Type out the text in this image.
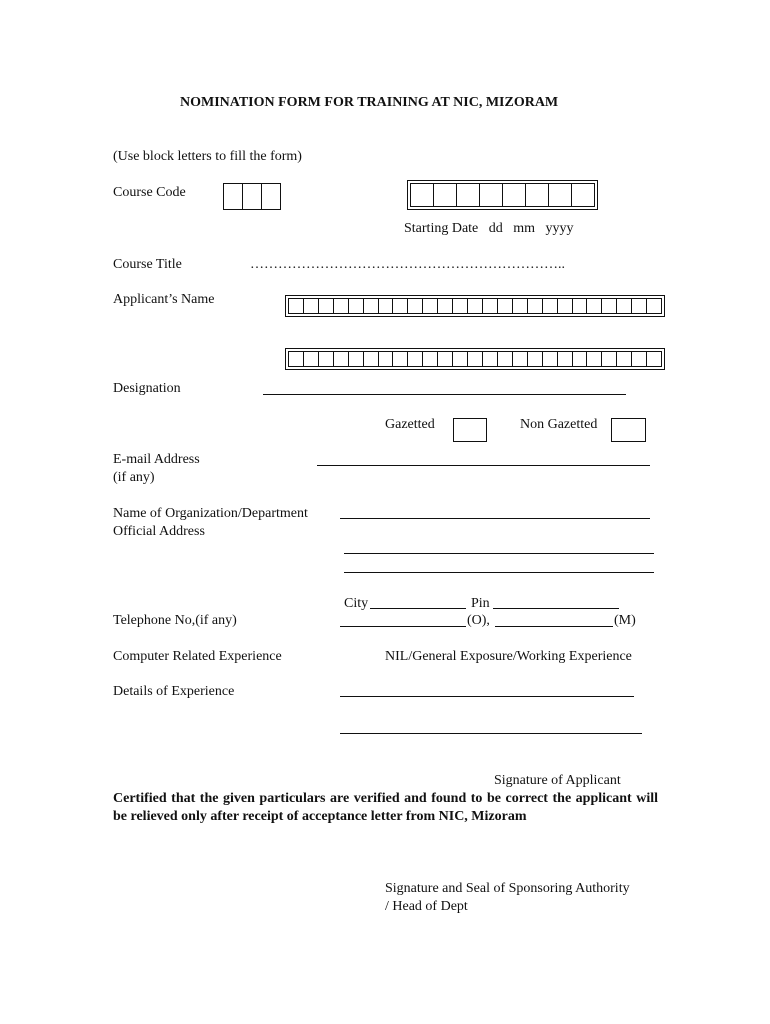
NOMINATION FORM FOR TRAINING AT NIC, MIZORAM
(Use block letters to fill the form)
Course Code
Starting Date dd   mm   yyyy
Course Title	…………………………………………………………..
Applicant’s Name
Designation
Gazetted	Non Gazetted
E-mail Address
(if any)
Name of Organization/Department
Official Address
City	Pin
Telephone No,(if any)	(O),	(M)
Computer Related Experience	NIL/General Exposure/Working Experience
Details of Experience
Signature of Applicant
Certified that the given particulars are verified and found to be correct the applicant will be relieved only after receipt of acceptance letter from NIC, Mizoram
Signature and Seal of Sponsoring Authority
/ Head of Dept
